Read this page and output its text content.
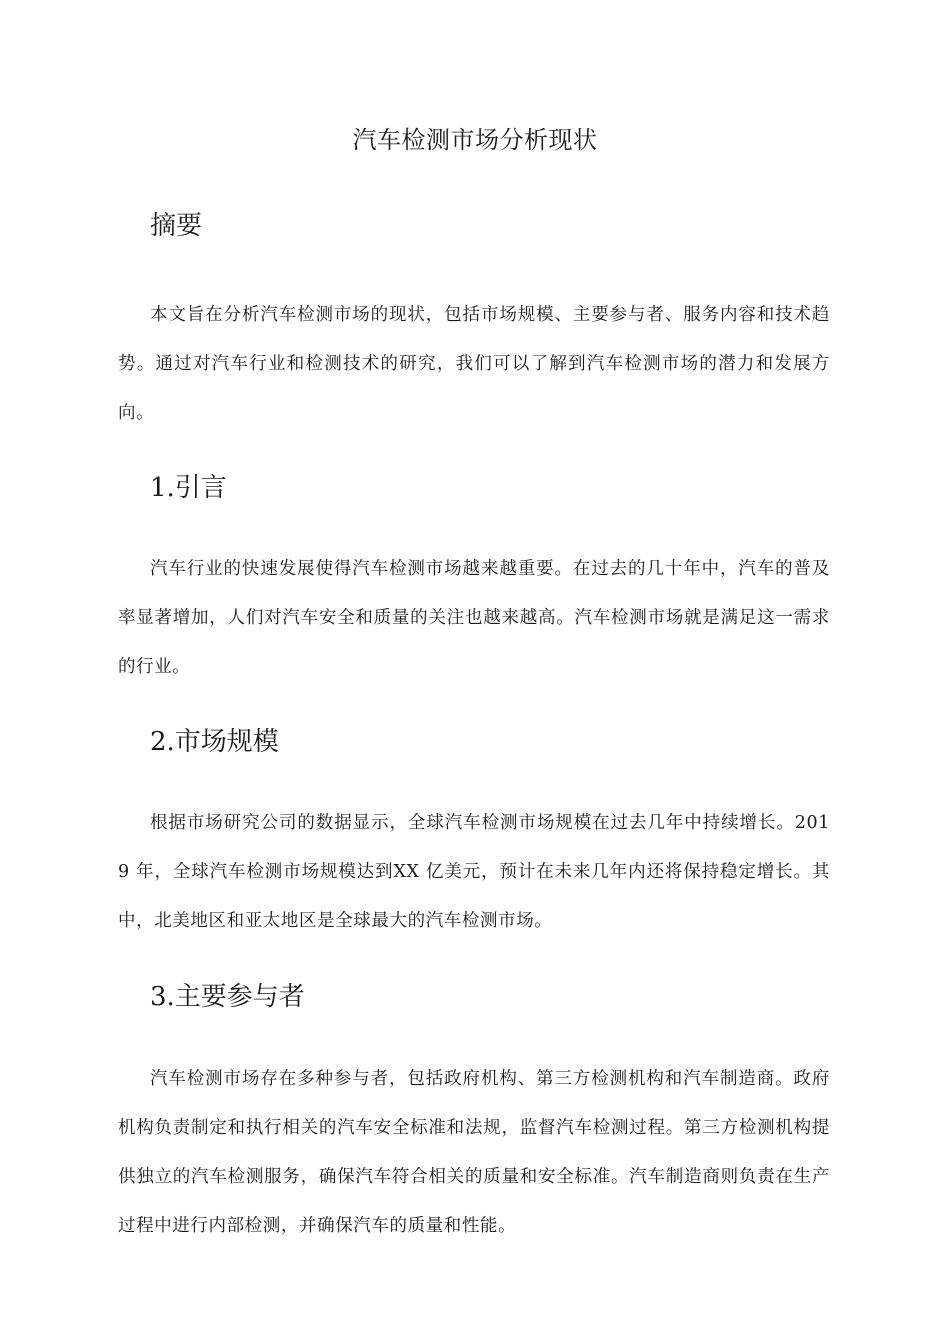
汽车检测市场分析现状
摘要
本文旨在分析汽车检测市场的现状，包括市场规模、主要参与者、服务内容和技术趋势。通过对汽车行业和检测技术的研究，我们可以了解到汽车检测市场的潜力和发展方向。
1.引言
汽车行业的快速发展使得汽车检测市场越来越重要。在过去的几十年中，汽车的普及率显著增加，人们对汽车安全和质量的关注也越来越高。汽车检测市场就是满足这一需求的行业。
2.市场规模
根据市场研究公司的数据显示，全球汽车检测市场规模在过去几年中持续增长。2019 年，全球汽车检测市场规模达到XX 亿美元，预计在未来几年内还将保持稳定增长。其中，北美地区和亚太地区是全球最大的汽车检测市场。
3.主要参与者
汽车检测市场存在多种参与者，包括政府机构、第三方检测机构和汽车制造商。政府机构负责制定和执行相关的汽车安全标准和法规，监督汽车检测过程。第三方检测机构提供独立的汽车检测服务，确保汽车符合相关的质量和安全标准。汽车制造商则负责在生产过程中进行内部检测，并确保汽车的质量和性能。
